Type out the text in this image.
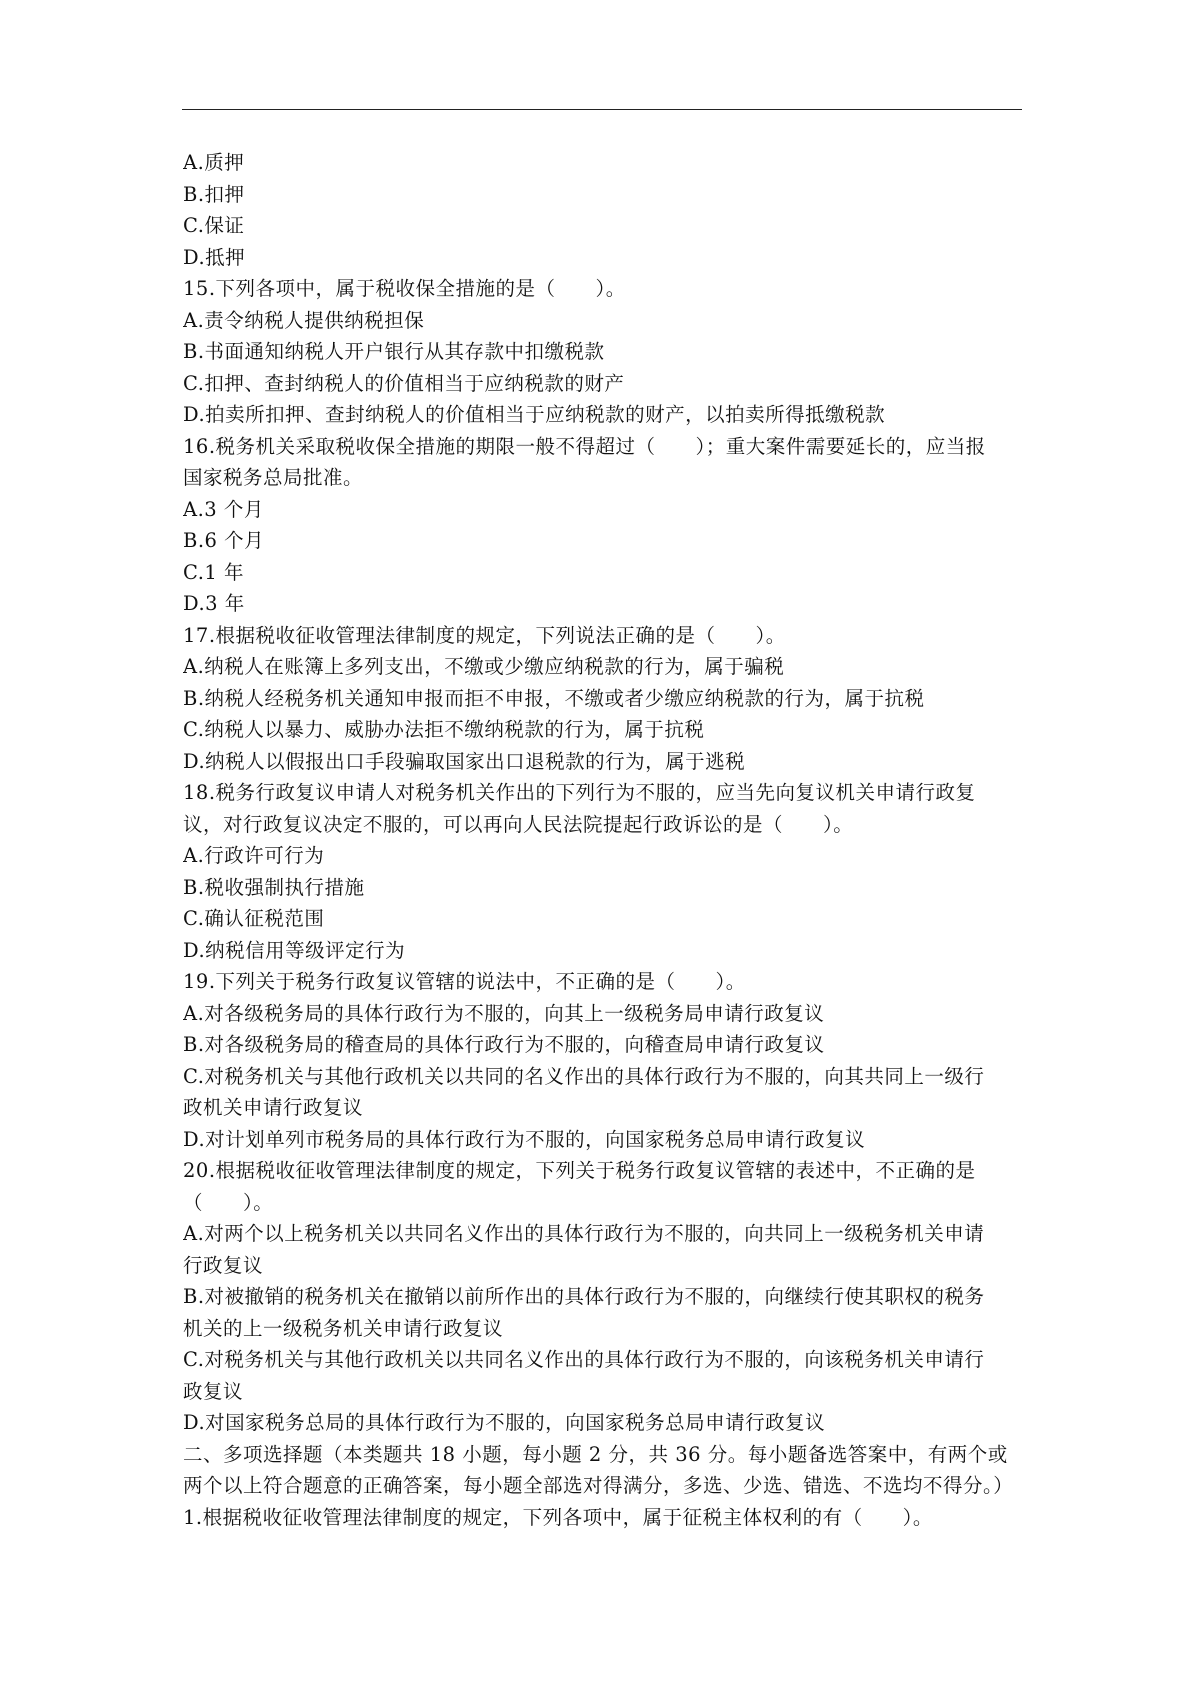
A.质押
B.扣押
C.保证
D.抵押
15.下列各项中，属于税收保全措施的是（　　）。
A.责令纳税人提供纳税担保
B.书面通知纳税人开户银行从其存款中扣缴税款
C.扣押、查封纳税人的价值相当于应纳税款的财产
D.拍卖所扣押、查封纳税人的价值相当于应纳税款的财产，以拍卖所得抵缴税款
16.税务机关采取税收保全措施的期限一般不得超过（　　）；重大案件需要延长的，应当报
国家税务总局批准。
A.3 个月
B.6 个月
C.1 年
D.3 年
17.根据税收征收管理法律制度的规定，下列说法正确的是（　　）。
A.纳税人在账簿上多列支出，不缴或少缴应纳税款的行为，属于骗税
B.纳税人经税务机关通知申报而拒不申报，不缴或者少缴应纳税款的行为，属于抗税
C.纳税人以暴力、威胁办法拒不缴纳税款的行为，属于抗税
D.纳税人以假报出口手段骗取国家出口退税款的行为，属于逃税
18.税务行政复议申请人对税务机关作出的下列行为不服的，应当先向复议机关申请行政复
议，对行政复议决定不服的，可以再向人民法院提起行政诉讼的是（　　）。
A.行政许可行为
B.税收强制执行措施
C.确认征税范围
D.纳税信用等级评定行为
19.下列关于税务行政复议管辖的说法中，不正确的是（　　）。
A.对各级税务局的具体行政行为不服的，向其上一级税务局申请行政复议
B.对各级税务局的稽查局的具体行政行为不服的，向稽查局申请行政复议
C.对税务机关与其他行政机关以共同的名义作出的具体行政行为不服的，向其共同上一级行
政机关申请行政复议
D.对计划单列市税务局的具体行政行为不服的，向国家税务总局申请行政复议
20.根据税收征收管理法律制度的规定，下列关于税务行政复议管辖的表述中，不正确的是
（　　）。
A.对两个以上税务机关以共同名义作出的具体行政行为不服的，向共同上一级税务机关申请
行政复议
B.对被撤销的税务机关在撤销以前所作出的具体行政行为不服的，向继续行使其职权的税务
机关的上一级税务机关申请行政复议
C.对税务机关与其他行政机关以共同名义作出的具体行政行为不服的，向该税务机关申请行
政复议
D.对国家税务总局的具体行政行为不服的，向国家税务总局申请行政复议
二、多项选择题（本类题共 18 小题，每小题 2 分，共 36 分。每小题备选答案中，有两个或
两个以上符合题意的正确答案，每小题全部选对得满分，多选、少选、错选、不选均不得分。）
1.根据税收征收管理法律制度的规定，下列各项中，属于征税主体权利的有（　　）。
